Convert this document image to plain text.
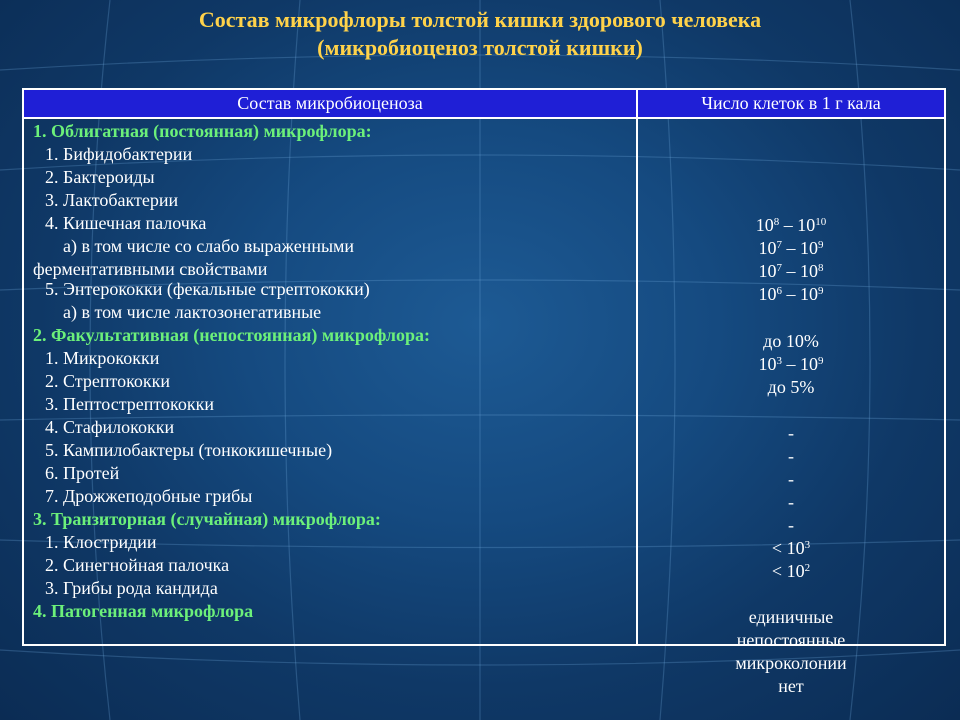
Состав микрофлоры толстой кишки здорового человека
(микробиоценоз толстой кишки)
Состав микробиоценоза	Число клеток в 1 г кала
1. Облигатная (постоянная) микрофлора:
1. Бифидобактерии
2. Бактероиды
3. Лактобактерии
4. Кишечная палочка
а) в том числе со слабо выраженными
ферментативными свойствами
5. Энтерококки (фекальные стрептококки)
а) в том числе лактозонегативные
2. Факультативная (непостоянная) микрофлора:
1. Микрококки
2. Стрептококки
3. Пептострептококки
4. Стафилококки
5. Кампилобактеры (тонкокишечные)
6. Протей
7. Дрожжеподобные грибы
3. Транзиторная (случайная) микрофлора:
1. Клостридии
2. Синегнойная палочка
3. Грибы рода кандида
4. Патогенная микрофлора
$10^8 - 10^{10}$
$10^7 - 10^9$
$10^7 - 10^8$
$10^6 - 10^9$
до 10%
$10^3 - 10^9$
до 5%
-
-
-
-
-
< $10^3$
< $10^2$
единичные
непостоянные
микроколонии
нет
